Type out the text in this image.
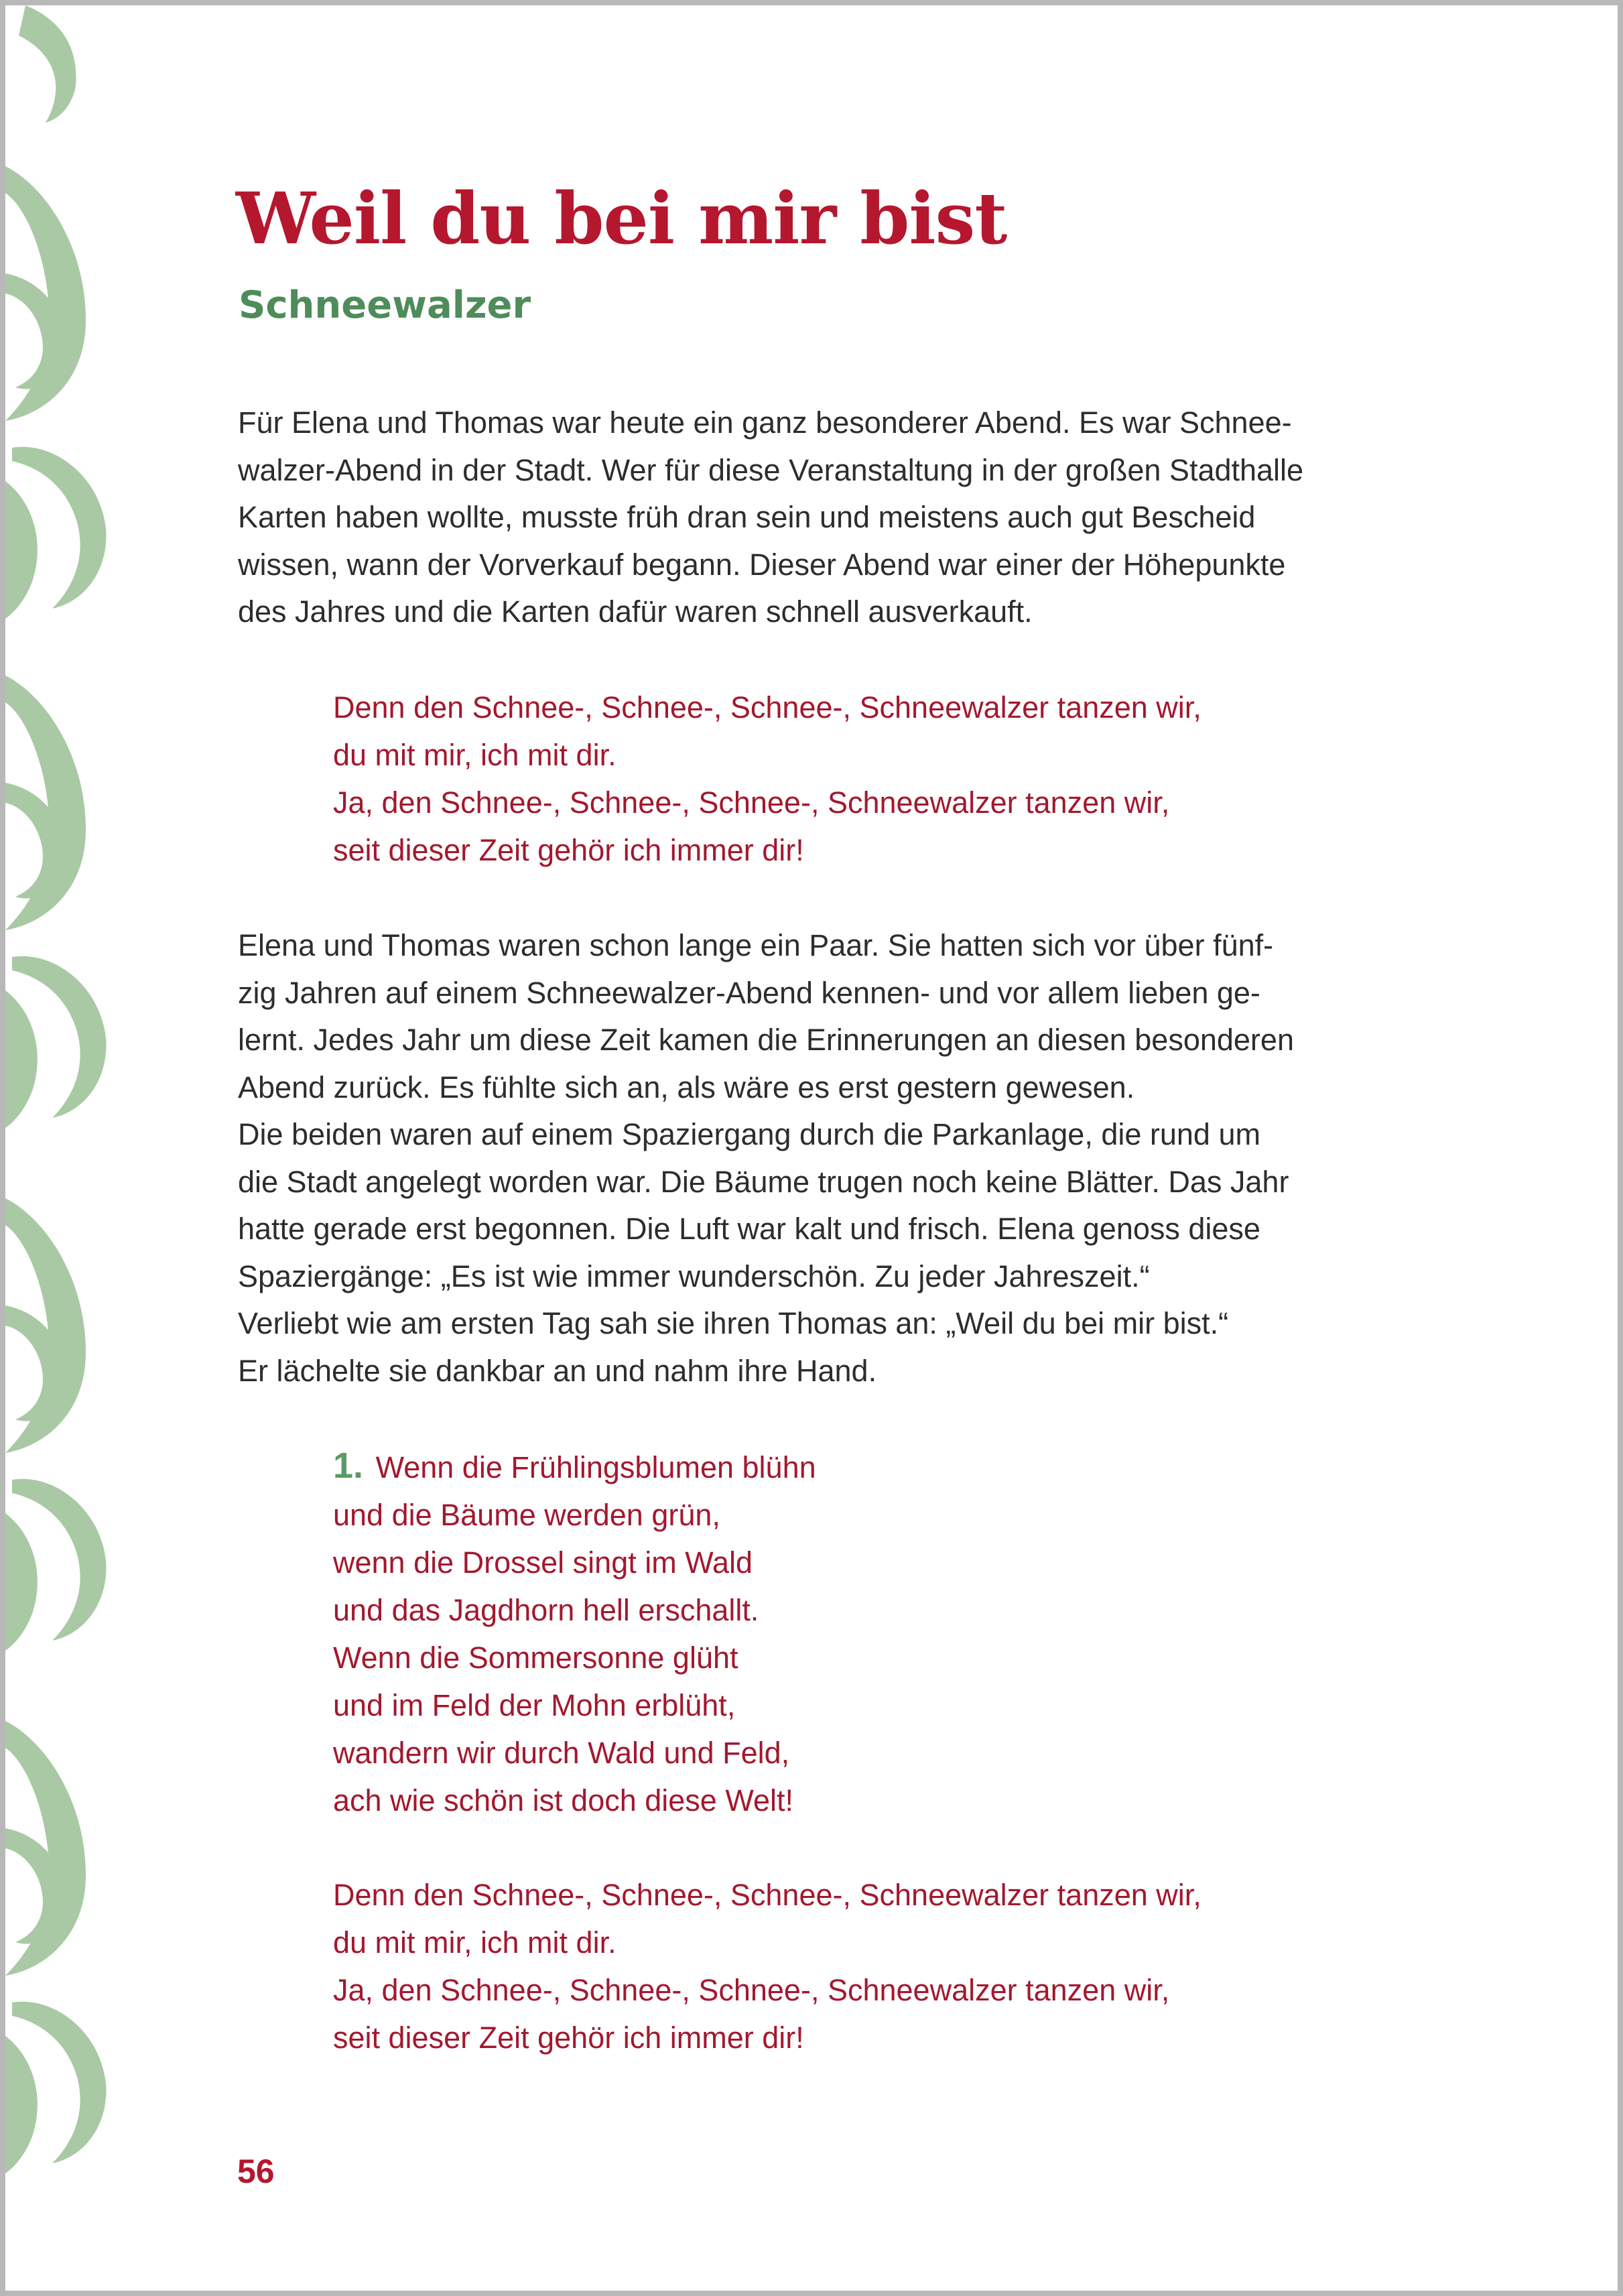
Weil du bei mir bist
Schneewalzer

Für Elena und Thomas war heute ein ganz besonderer Abend. Es war Schnee-
walzer-Abend in der Stadt. Wer für diese Veranstaltung in der großen Stadthalle
Karten haben wollte, musste früh dran sein und meistens auch gut Bescheid
wissen, wann der Vorverkauf begann. Dieser Abend war einer der Höhepunkte
des Jahres und die Karten dafür waren schnell ausverkauft.

Denn den Schnee-, Schnee-, Schnee-, Schneewalzer tanzen wir,
du mit mir, ich mit dir.
Ja, den Schnee-, Schnee-, Schnee-, Schneewalzer tanzen wir,
seit dieser Zeit gehör ich immer dir!

Elena und Thomas waren schon lange ein Paar. Sie hatten sich vor über fünf-
zig Jahren auf einem Schneewalzer-Abend kennen- und vor allem lieben ge-
lernt. Jedes Jahr um diese Zeit kamen die Erinnerungen an diesen besonderen
Abend zurück. Es fühlte sich an, als wäre es erst gestern gewesen.
Die beiden waren auf einem Spaziergang durch die Parkanlage, die rund um
die Stadt angelegt worden war. Die Bäume trugen noch keine Blätter. Das Jahr
hatte gerade erst begonnen. Die Luft war kalt und frisch. Elena genoss diese
Spaziergänge: „Es ist wie immer wunderschön. Zu jeder Jahreszeit.“
Verliebt wie am ersten Tag sah sie ihren Thomas an: „Weil du bei mir bist.“
Er lächelte sie dankbar an und nahm ihre Hand.

1. Wenn die Frühlingsblumen blühn
und die Bäume werden grün,
wenn die Drossel singt im Wald
und das Jagdhorn hell erschallt.
Wenn die Sommersonne glüht
und im Feld der Mohn erblüht,
wandern wir durch Wald und Feld,
ach wie schön ist doch diese Welt!

Denn den Schnee-, Schnee-, Schnee-, Schneewalzer tanzen wir,
du mit mir, ich mit dir.
Ja, den Schnee-, Schnee-, Schnee-, Schneewalzer tanzen wir,
seit dieser Zeit gehör ich immer dir!

56
